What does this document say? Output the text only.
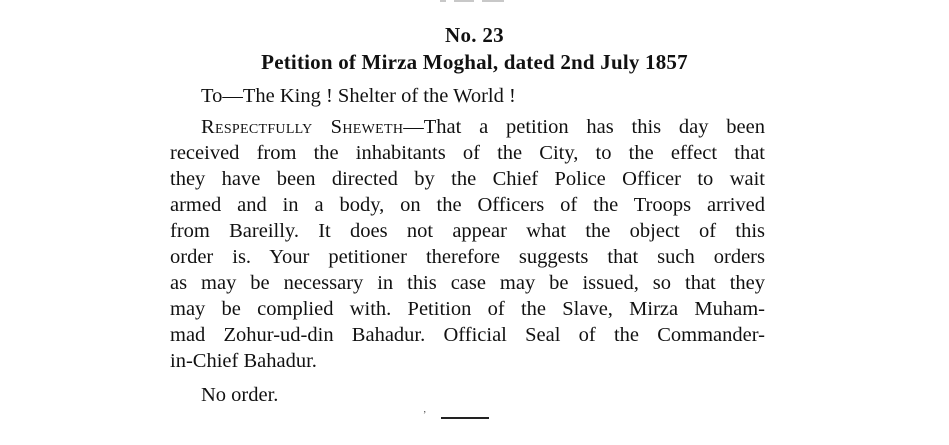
No. 23
Petition of Mirza Moghal, dated 2nd July 1857
To—The King ! Shelter of the World !
Respectfully Sheweth—That a petition has this day been
received from the inhabitants of the City, to the effect that
they have been directed by the Chief Police Officer to wait
armed and in a body, on the Officers of the Troops arrived
from Bareilly. It does not appear what the object of this
order is. Your petitioner therefore suggests that such orders
as may be necessary in this case may be issued, so that they
may be complied with. Petition of the Slave, Mirza Muham-
mad Zohur-ud-din Bahadur. Official Seal of the Commander-
in-Chief Bahadur.
No order.
ʼ
